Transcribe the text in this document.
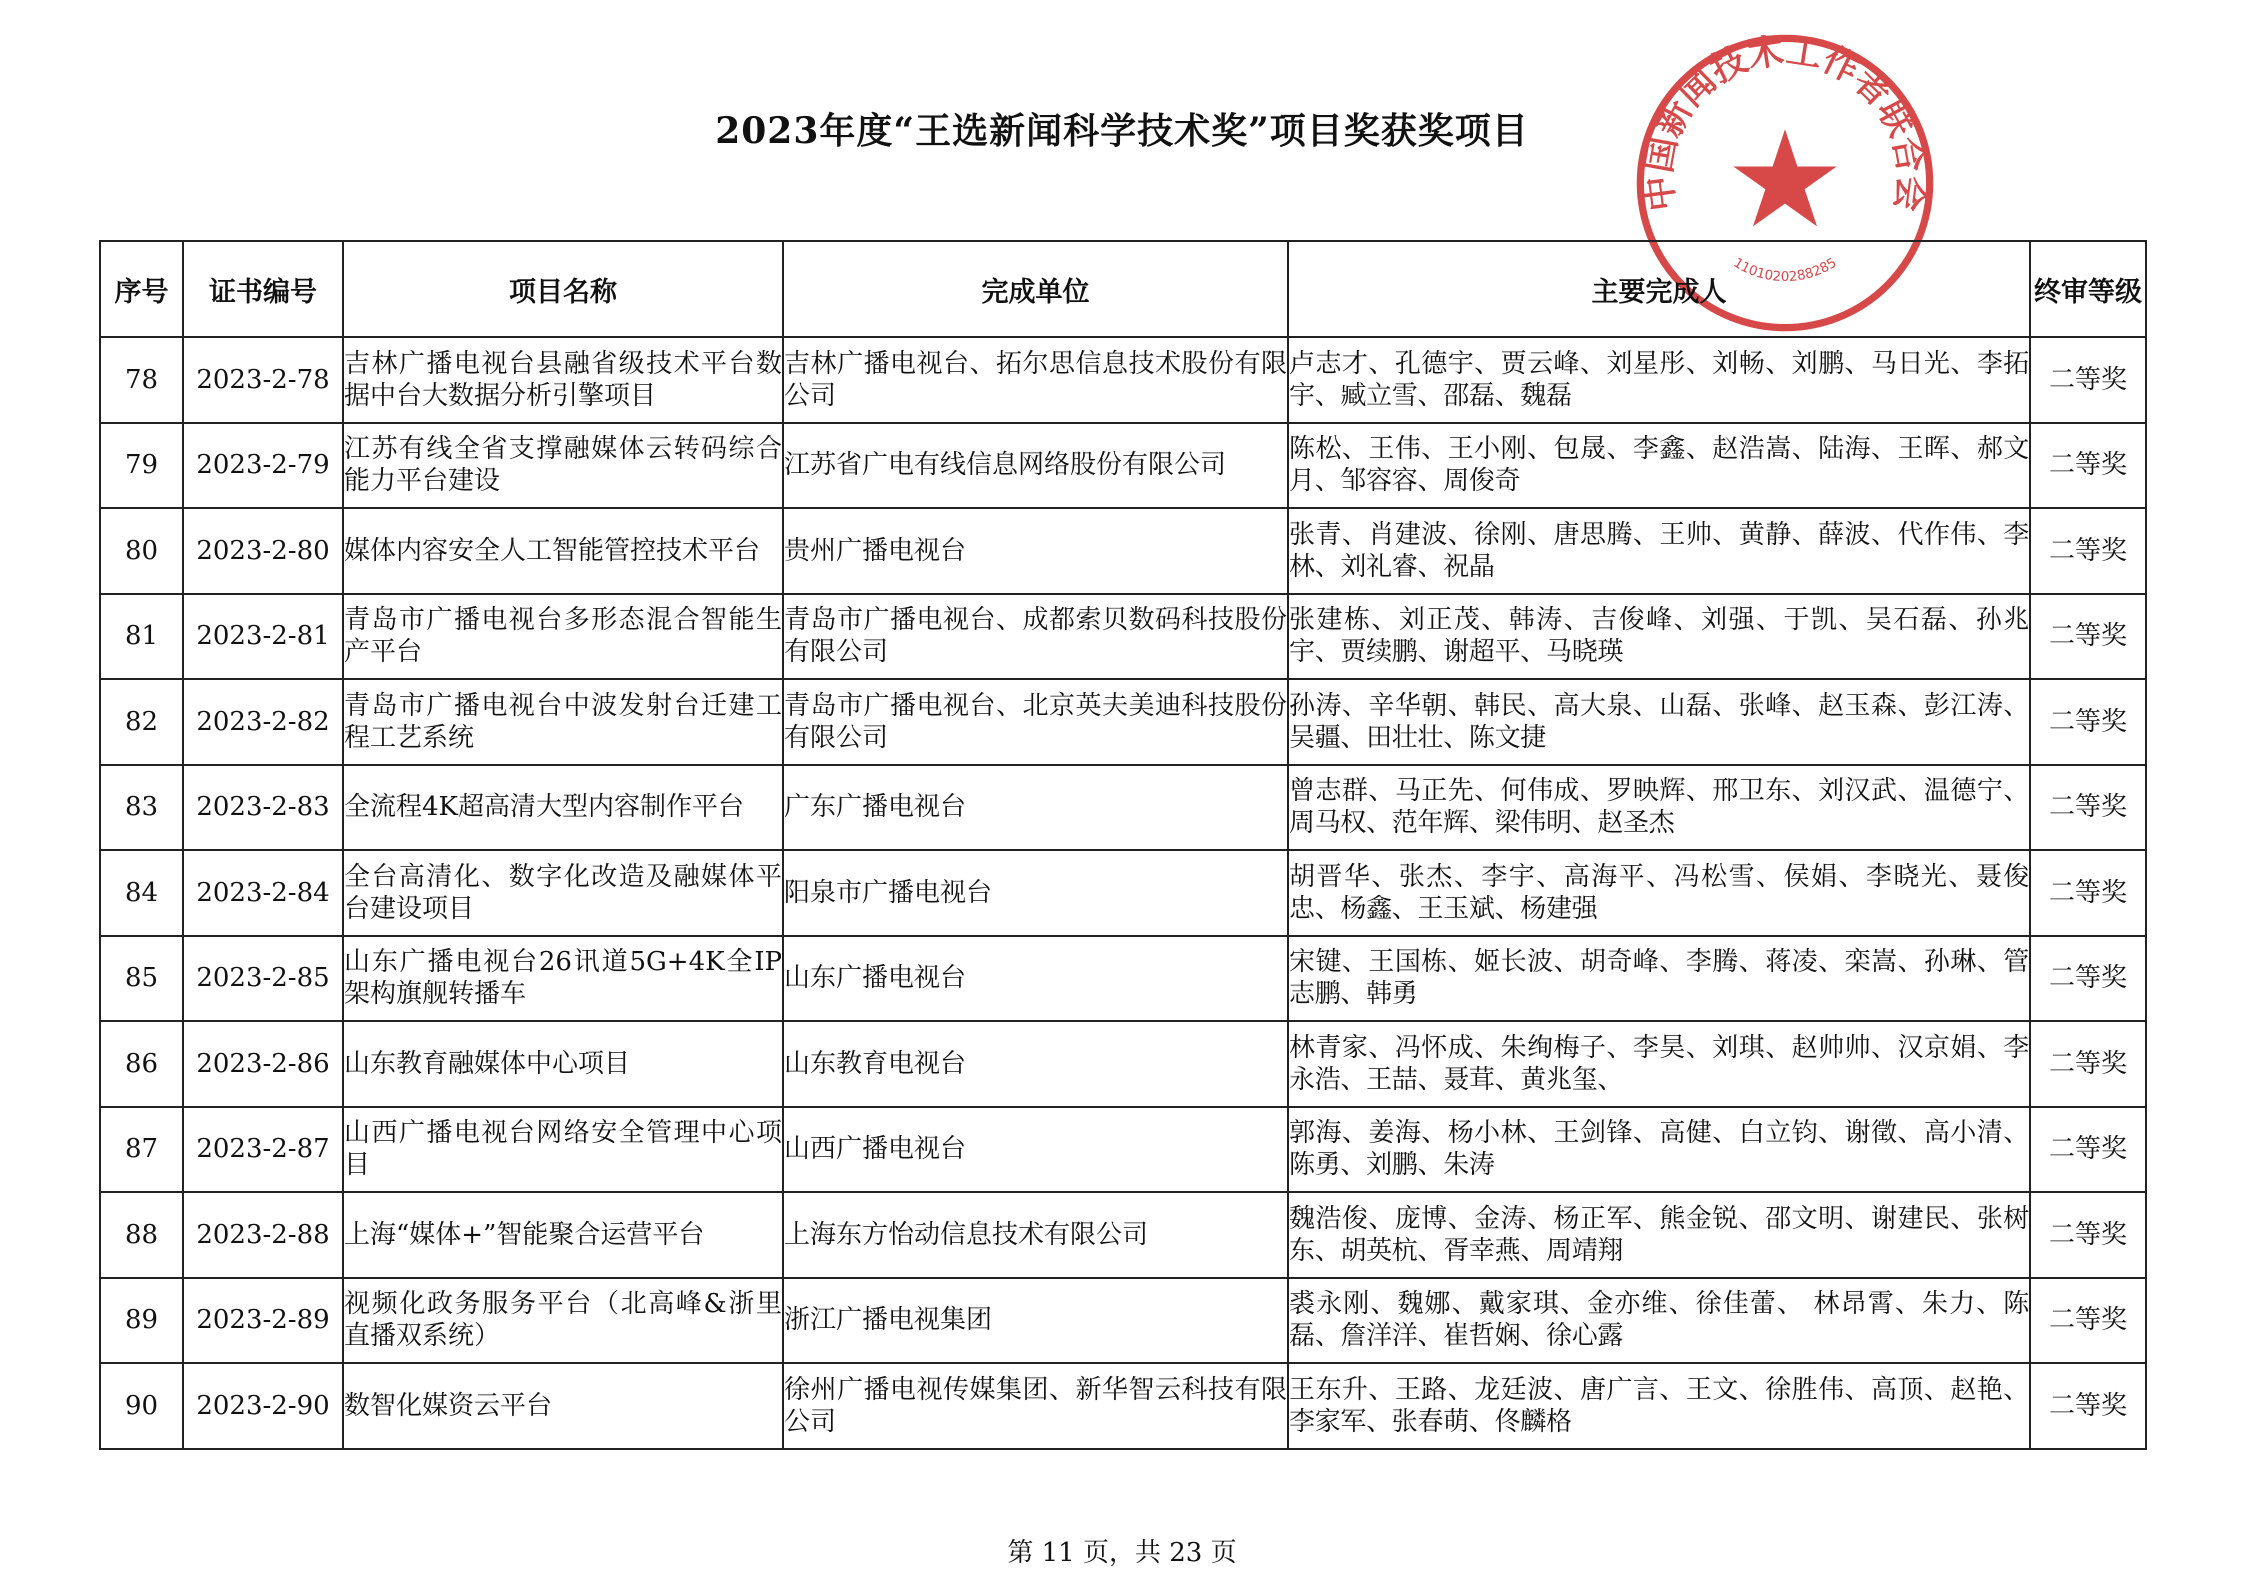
2023年度“王选新闻科学技术奖”项目奖获奖项目
中国新闻技术工作者联合会
1101020288285
序号	证书编号	项目名称	完成单位	主要完成人	终审等级
78	2023-2-78	吉林广播电视台县融省级技术平台数据中台大数据分析引擎项目	吉林广播电视台、拓尔思信息技术股份有限公司	卢志才、孔德宇、贾云峰、刘星彤、刘畅、刘鹏、马日光、李拓宇、臧立雪、邵磊、魏磊	二等奖
79	2023-2-79	江苏有线全省支撑融媒体云转码综合能力平台建设	江苏省广电有线信息网络股份有限公司	陈松、王伟、王小刚、包晟、李鑫、赵浩嵩、陆海、王晖、郝文月、邹容容、周俊奇	二等奖
80	2023-2-80	媒体内容安全人工智能管控技术平台	贵州广播电视台	张青、肖建波、徐刚、唐思腾、王帅、黄静、薛波、代作伟、李林、刘礼睿、祝晶	二等奖
81	2023-2-81	青岛市广播电视台多形态混合智能生产平台	青岛市广播电视台、成都索贝数码科技股份有限公司	张建栋、刘正茂、韩涛、吉俊峰、刘强、于凯、吴石磊、孙兆宇、贾续鹏、谢超平、马晓瑛	二等奖
82	2023-2-82	青岛市广播电视台中波发射台迁建工程工艺系统	青岛市广播电视台、北京英夫美迪科技股份有限公司	孙涛、辛华朝、韩民、高大泉、山磊、张峰、赵玉森、彭江涛、吴疆、田壮壮、陈文捷	二等奖
83	2023-2-83	全流程4K超高清大型内容制作平台	广东广播电视台	曾志群、马正先、何伟成、罗映辉、邢卫东、刘汉武、温德宁、周马权、范年辉、梁伟明、赵圣杰	二等奖
84	2023-2-84	全台高清化、数字化改造及融媒体平台建设项目	阳泉市广播电视台	胡晋华、张杰、李宇、高海平、冯松雪、侯娟、李晓光、聂俊忠、杨鑫、王玉斌、杨建强	二等奖
85	2023-2-85	山东广播电视台26讯道5G+4K全IP架构旗舰转播车	山东广播电视台	宋键、王国栋、姬长波、胡奇峰、李腾、蒋凌、栾嵩、孙琳、管志鹏、韩勇	二等奖
86	2023-2-86	山东教育融媒体中心项目	山东教育电视台	林青家、冯怀成、朱绚梅子、李昊、刘琪、赵帅帅、汉京娟、李永浩、王喆、聂茸、黄兆玺、	二等奖
87	2023-2-87	山西广播电视台网络安全管理中心项目	山西广播电视台	郭海、姜海、杨小林、王剑锋、高健、白立钧、谢徵、高小清、陈勇、刘鹏、朱涛	二等奖
88	2023-2-88	上海“媒体+”智能聚合运营平台	上海东方怡动信息技术有限公司	魏浩俊、庞博、金涛、杨正军、熊金锐、邵文明、谢建民、张树东、胡英杭、胥幸燕、周靖翔	二等奖
89	2023-2-89	视频化政务服务平台（北高峰&浙里直播双系统）	浙江广播电视集团	裘永刚、魏娜、戴家琪、金亦维、徐佳蕾、 林昂霄、朱力、陈磊、詹洋洋、崔哲娴、徐心露	二等奖
90	2023-2-90	数智化媒资云平台	徐州广播电视传媒集团、新华智云科技有限公司	王东升、王路、龙廷波、唐广言、王文、徐胜伟、高顶、赵艳、李家军、张春萌、佟麟格	二等奖
第 11 页，共 23 页
